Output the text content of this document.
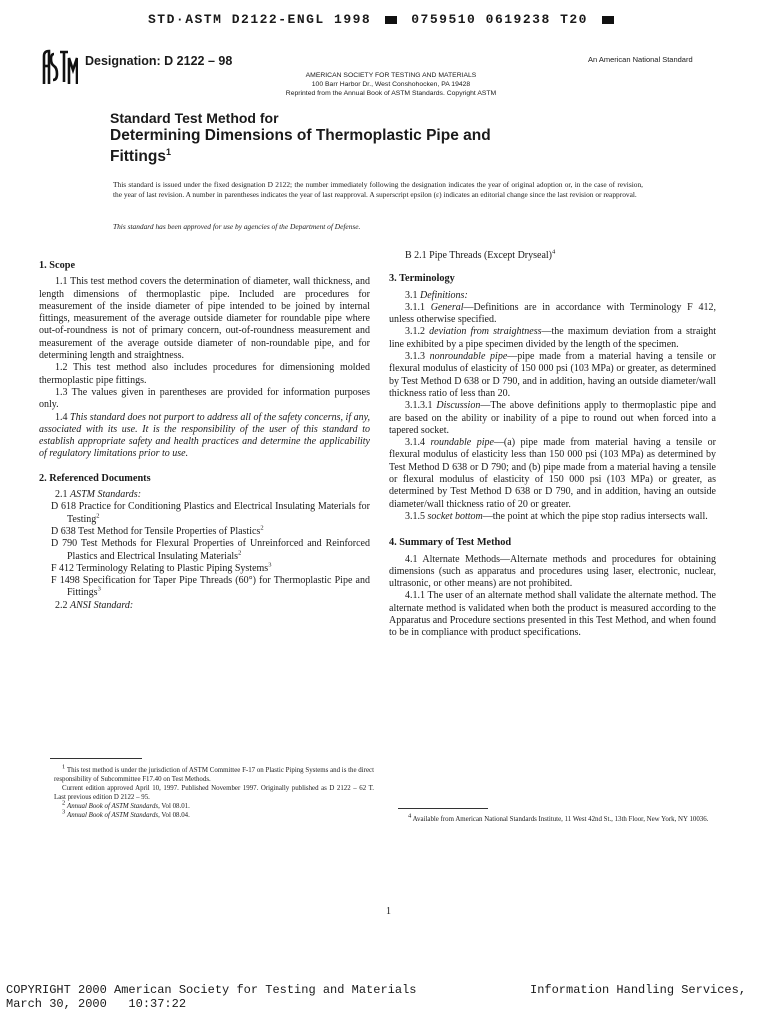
STD·ASTM D2122-ENGL 1998	0759510 0619238 T20
Designation: D 2122 – 98	An American National Standard
AMERICAN SOCIETY FOR TESTING AND MATERIALS
100 Barr Harbor Dr., West Conshohocken, PA 19428
Reprinted from the Annual Book of ASTM Standards. Copyright ASTM
Standard Test Method for
Determining Dimensions of Thermoplastic Pipe and
Fittings$^1$
This standard is issued under the fixed designation D 2122; the number immediately following the designation indicates the year of original adoption or, in the case of revision, the year of last revision. A number in parentheses indicates the year of last reapproval. A superscript epsilon (ε) indicates an editorial change since the last revision or reapproval.
This standard has been approved for use by agencies of the Department of Defense.

1. Scope

1.1 This test method covers the determination of diameter, wall thickness, and length dimensions of thermoplastic pipe. Included are procedures for measurement of the inside diameter of pipe intended to be joined by internal fittings, measurement of the average outside diameter for roundable pipe where out-of-roundness is not of primary concern, out-of-roundness measurement and measurement of the average outside diameter of non-roundable pipe, and for determining length and straightness.

1.2 This test method also includes procedures for dimensioning molded thermoplastic pipe fittings.

1.3 The values given in parentheses are provided for information purposes only.

1.4 This standard does not purport to address all of the safety concerns, if any, associated with its use. It is the responsibility of the user of this standard to establish appropriate safety and health practices and determine the applicability of regulatory limitations prior to use.

2. Referenced Documents

2.1 ASTM Standards:

D 618 Practice for Conditioning Plastics and Electrical Insulating Materials for Testing$^2$

D 638 Test Method for Tensile Properties of Plastics$^2$

D 790 Test Methods for Flexural Properties of Unreinforced and Reinforced Plastics and Electrical Insulating Materials$^2$

F 412 Terminology Relating to Plastic Piping Systems$^3$

F 1498 Specification for Taper Pipe Threads (60°) for Thermoplastic Pipe and Fittings$^3$

2.2 ANSI Standard:

B 2.1 Pipe Threads (Except Dryseal)$^4$

3. Terminology

3.1 Definitions:

3.1.1 General—Definitions are in accordance with Terminology F 412, unless otherwise specified.

3.1.2 deviation from straightness—the maximum deviation from a straight line exhibited by a pipe specimen divided by the length of the specimen.

3.1.3 nonroundable pipe—pipe made from a material having a tensile or flexural modulus of elasticity of 150 000 psi (103 MPa) or greater, as determined by Test Method D 638 or D 790, and in addition, having an outside diameter/wall thickness ratio of less than 20.

3.1.3.1 Discussion—The above definitions apply to thermoplastic pipe and are based on the ability or inability of a pipe to round out when forced into a tapered socket.

3.1.4 roundable pipe—(a) pipe made from material having a tensile or flexural modulus of elasticity less than 150 000 psi (103 MPa) as determined by Test Method D 638 or D 790; and (b) pipe made from a material having a tensile or flexural modulus of elasticity of 150 000 psi (103 MPa) or greater, as determined by Test Method D 638 or D 790, and in addition, having an outside diameter/wall thickness ratio of 20 or greater.

3.1.5 socket bottom—the point at which the pipe stop radius intersects wall.

4. Summary of Test Method

4.1 Alternate Methods—Alternate methods and procedures for obtaining dimensions (such as apparatus and procedures using laser, electronic, nuclear, ultrasonic, or other means) are not prohibited.

4.1.1 The user of an alternate method shall validate the alternate method. The alternate method is validated when both the product is measured according to the Apparatus and Procedure sections presented in this Test Method, and when found to be in compliance with product specifications.

1 This test method is under the jurisdiction of ASTM Committee F-17 on Plastic Piping Systems and is the direct responsibility of Subcommittee F17.40 on Test Methods.

Current edition approved April 10, 1997. Published November 1997. Originally published as D 2122 – 62 T. Last previous edition D 2122 – 95.

2 Annual Book of ASTM Standards, Vol 08.01.

3 Annual Book of ASTM Standards, Vol 08.04.	4 Available from American National Standards Institute, 11 West 42nd St., 13th Floor, New York, NY 10036.

1
COPYRIGHT 2000 American Society for Testing and Materials
March 30, 2000   10:37:22
Information Handling Services,
